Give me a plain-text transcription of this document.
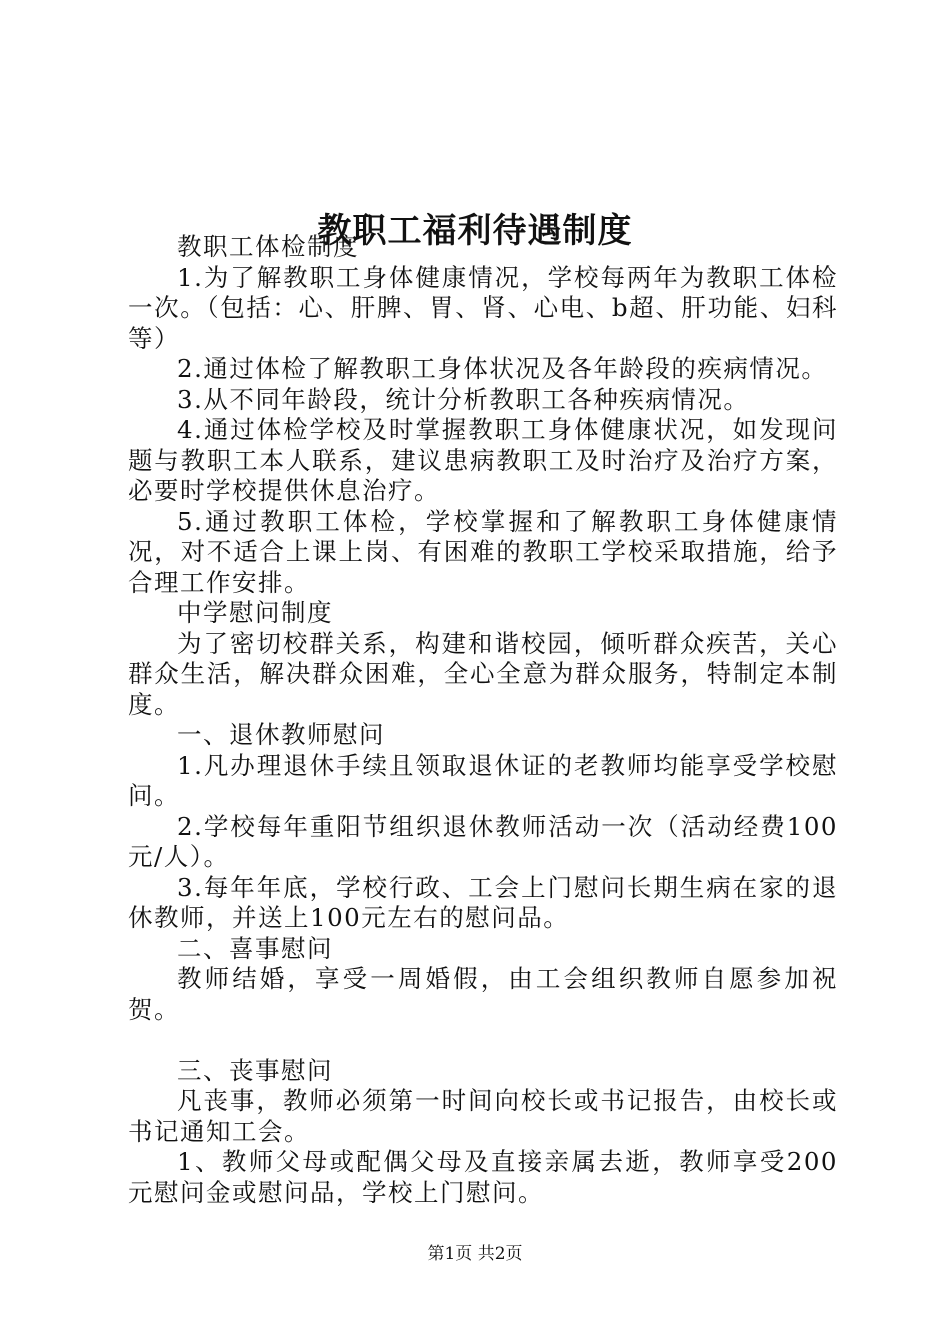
教职工福利待遇制度

教职工体检制度

1.为了解教职工身体健康情况，学校每两年为教职工体检一次。（包括：心、肝脾、胃、肾、心电、b超、肝功能、妇科等）

2.通过体检了解教职工身体状况及各年龄段的疾病情况。

3.从不同年龄段，统计分析教职工各种疾病情况。

4.通过体检学校及时掌握教职工身体健康状况，如发现问题与教职工本人联系，建议患病教职工及时治疗及治疗方案，必要时学校提供休息治疗。

5.通过教职工体检，学校掌握和了解教职工身体健康情况，对不适合上课上岗、有困难的教职工学校采取措施，给予合理工作安排。

中学慰问制度

为了密切校群关系，构建和谐校园，倾听群众疾苦，关心群众生活，解决群众困难，全心全意为群众服务，特制定本制度。

一、退休教师慰问

1.凡办理退休手续且领取退休证的老教师均能享受学校慰问。

2.学校每年重阳节组织退休教师活动一次（活动经费100元/人）。

3.每年年底，学校行政、工会上门慰问长期生病在家的退休教师，并送上100元左右的慰问品。

二、喜事慰问

教师结婚，享受一周婚假，由工会组织教师自愿参加祝贺。

三、丧事慰问

凡丧事，教师必须第一时间向校长或书记报告，由校长或书记通知工会。

1、教师父母或配偶父母及直接亲属去逝，教师享受200元慰问金或慰问品，学校上门慰问。

第1页 共2页
